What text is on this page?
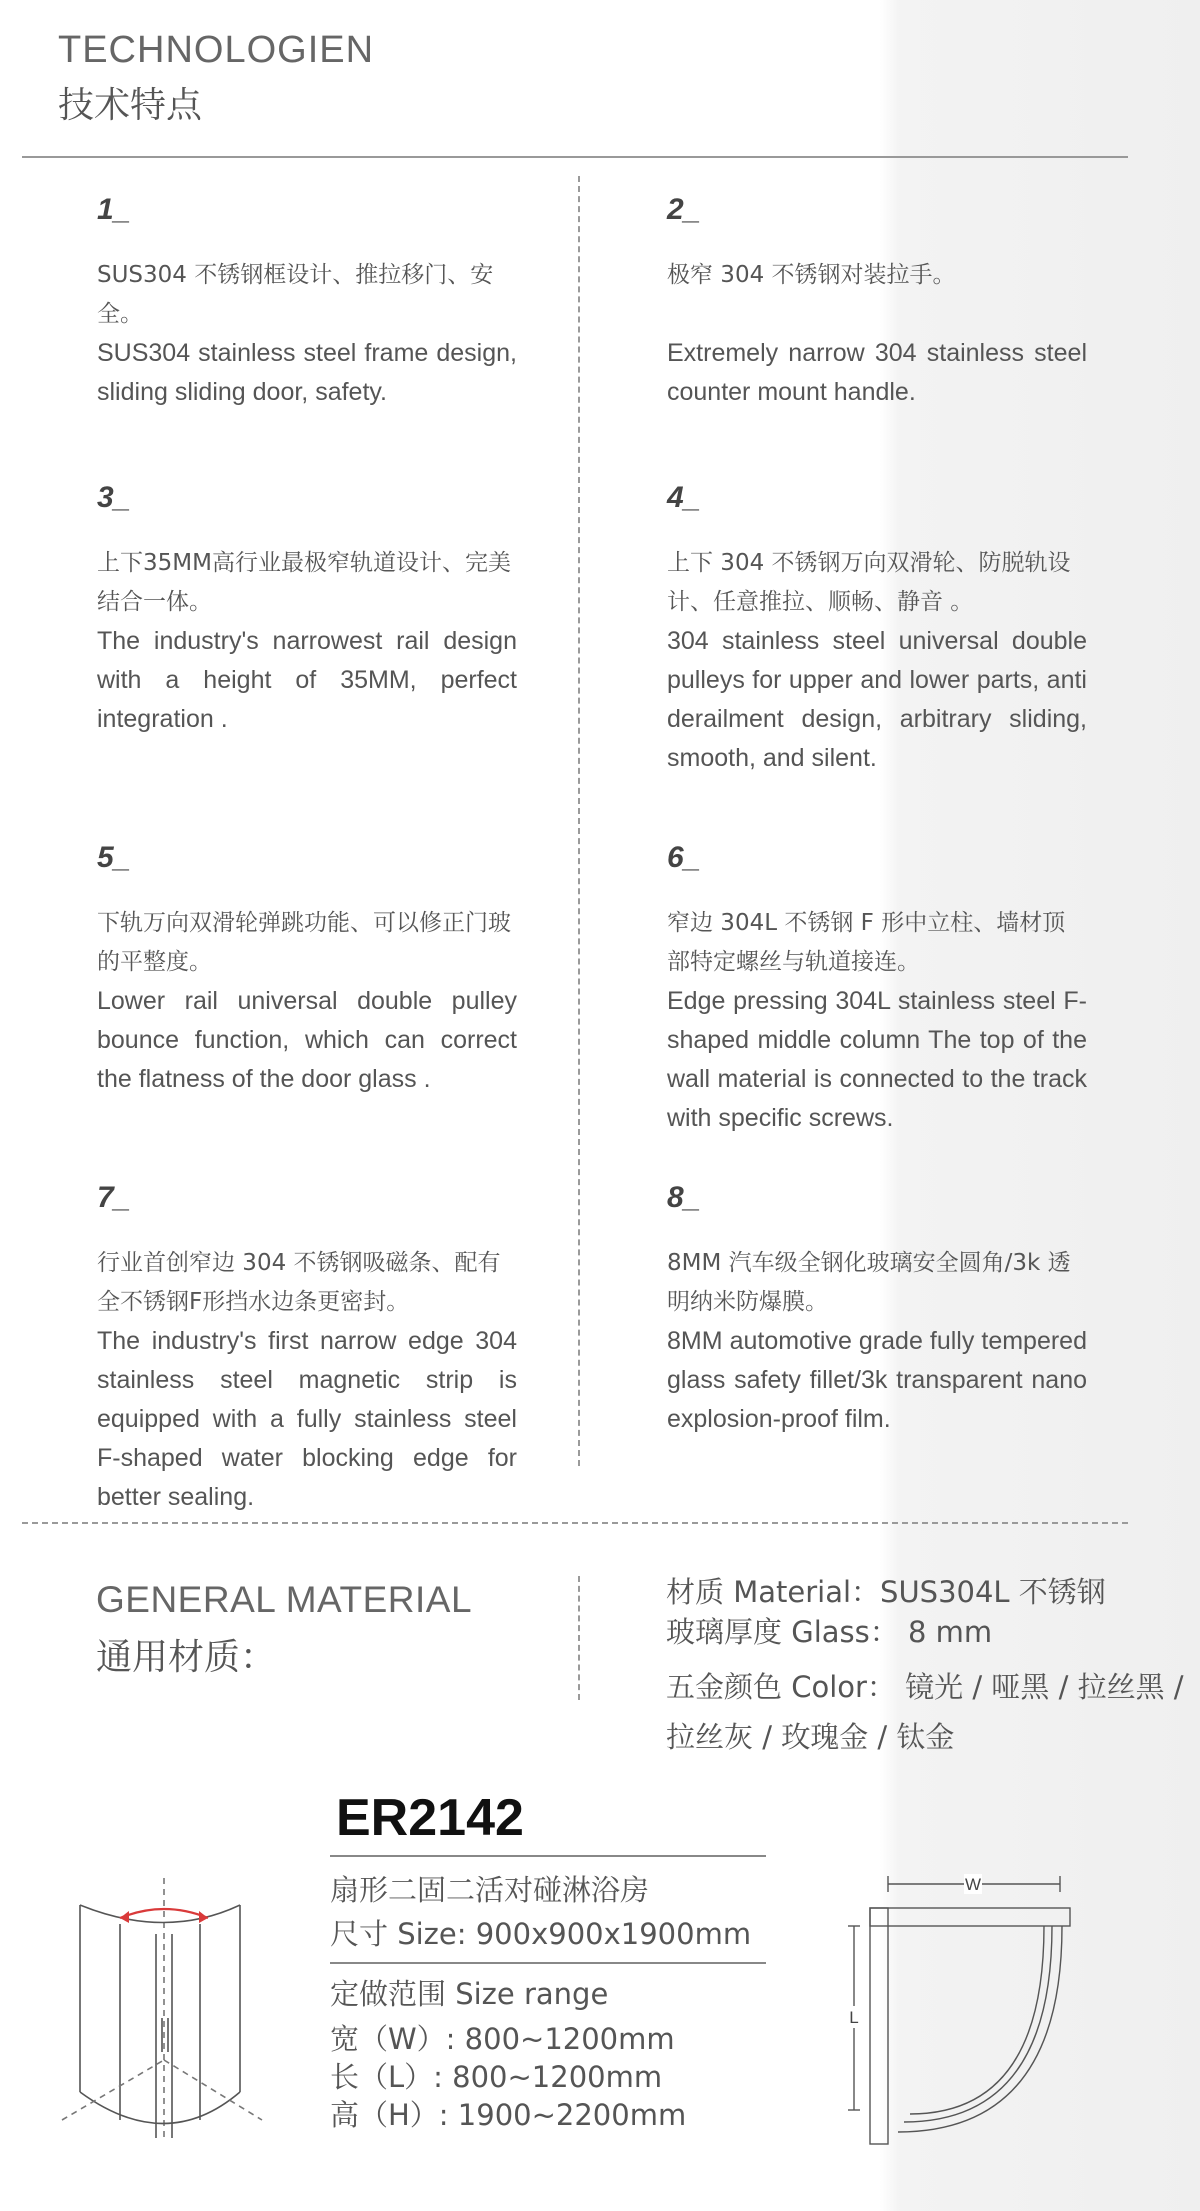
TECHNOLOGIEN
技术特点
1_
SUS304 不锈钢框设计、推拉移门、安全。
SUS304 stainless steel frame design, sliding sliding door, safety.
2_
极窄 304 不锈钢对装拉手。
Extremely narrow 304 stainless steel counter mount handle.
3_
上下35MM高行业最极窄轨道设计、完美结合一体。
The industry's narrowest rail design with a height of 35MM, perfect integration .
4_
上下 304 不锈钢万向双滑轮、防脱轨设计、任意推拉、顺畅、静音 。
304 stainless steel universal double pulleys for upper and lower parts, anti derailment design, arbitrary sliding, smooth, and silent.
5_
下轨万向双滑轮弹跳功能、可以修正门玻的平整度。
Lower rail universal double pulley bounce function, which can correct the flatness of the door glass .
6_
窄边 304L 不锈钢 F 形中立柱、墙材顶部特定螺丝与轨道接连。
Edge pressing 304L stainless steel F-shaped middle column The top of the wall material is connected to the track with specific screws.
7_
行业首创窄边 304 不锈钢吸磁条、配有全不锈钢F形挡水边条更密封。
The industry's first narrow edge 304 stainless steel magnetic strip is equipped with a fully stainless steel F-shaped water blocking edge for better sealing.
8_
8MM 汽车级全钢化玻璃安全圆角/3k 透明纳米防爆膜。
8MM automotive grade fully tempered glass safety fillet/3k transparent nano explosion-proof film.
GENERAL MATERIAL
通用材质：
材质 Material：SUS304L 不锈钢
玻璃厚度 Glass： 8 mm
五金颜色 Color： 镜光 / 哑黑 / 拉丝黑 /
拉丝灰 / 玫瑰金 / 钛金
ER2142
扇形二固二活对碰淋浴房
尺寸 Size: 900x900x1900mm
定做范围 Size range
宽（W）: 800~1200mm
长（L）: 800~1200mm
高（H）: 1900~2200mm
W
L
